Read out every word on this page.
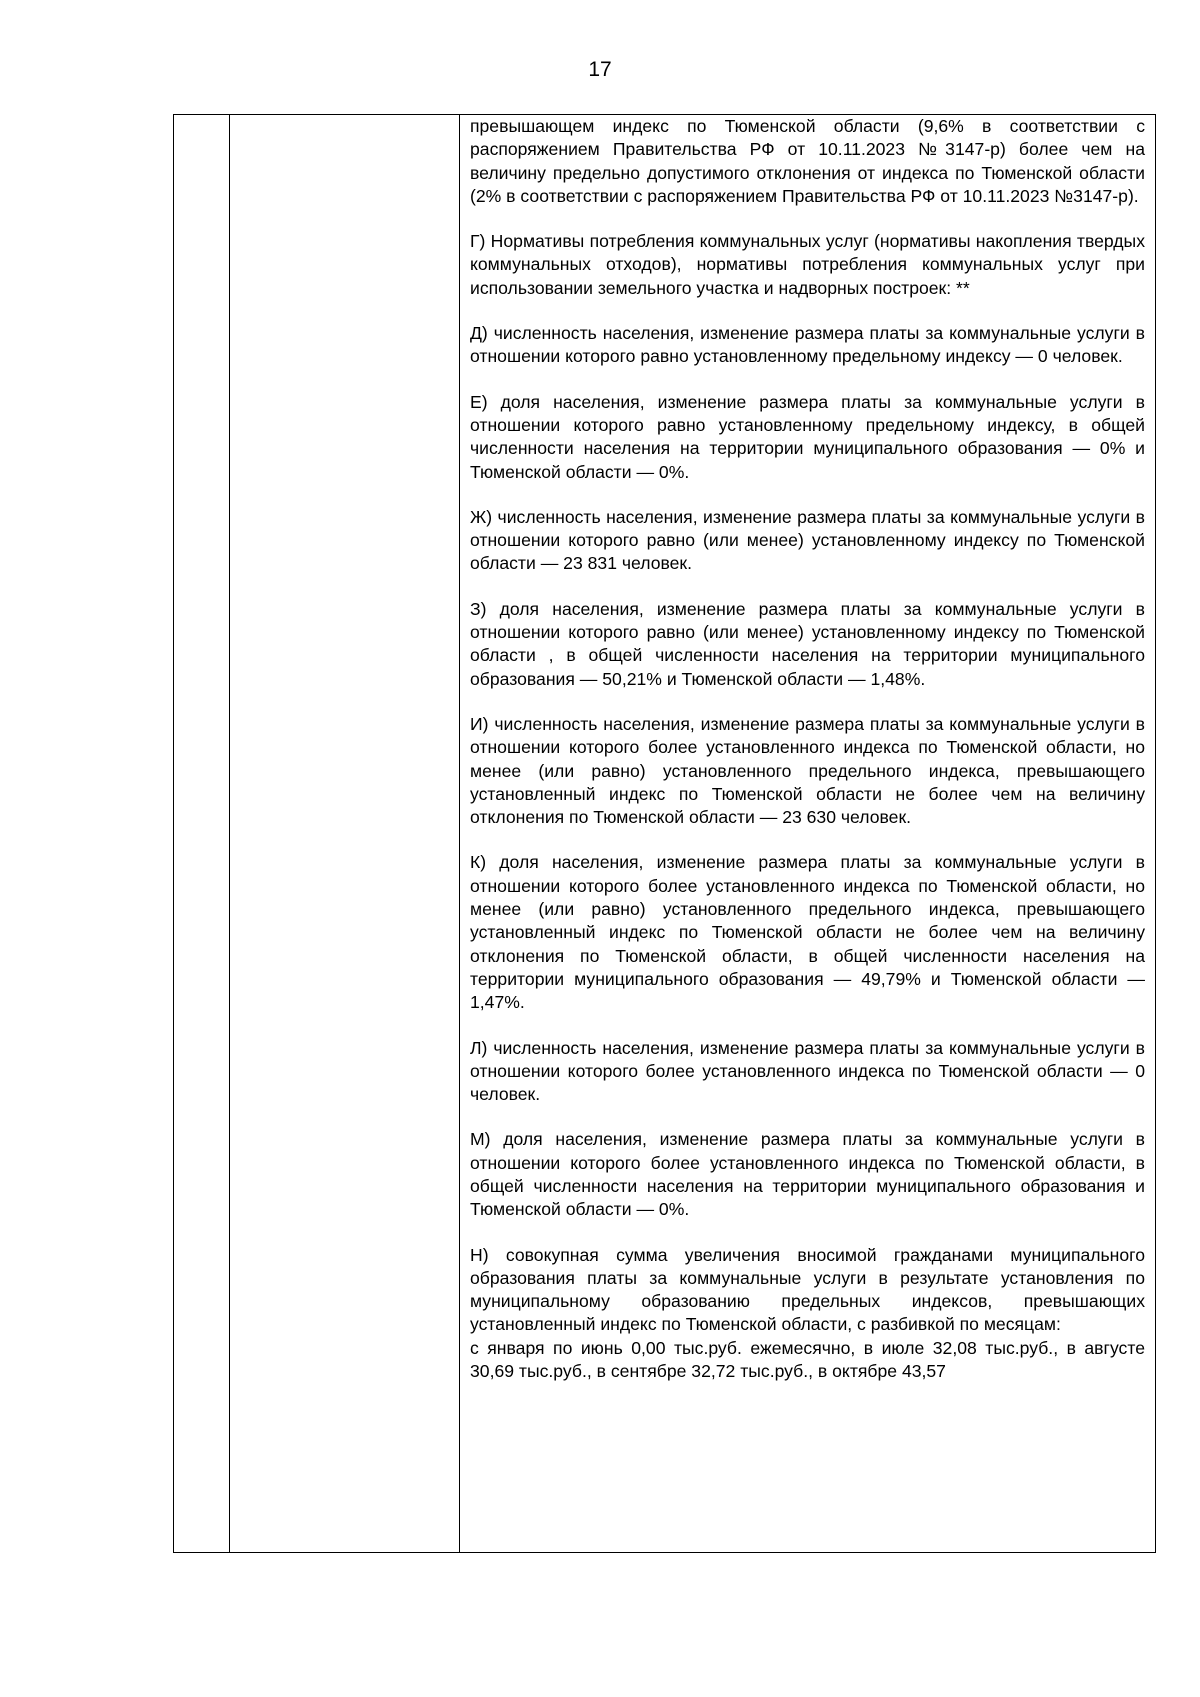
17

превышающем индекс по Тюменской области (9,6% в соответствии с распоряжением Правительства РФ от 10.11.2023 №3147-р) более чем на величину предельно допустимого отклонения от индекса по Тюменской области (2% в соответствии с распоряжением Правительства РФ от 10.11.2023 №3147-р).

Г) Нормативы потребления коммунальных услуг (нормативы накопления твердых коммунальных отходов), нормативы потребления коммунальных услуг при использовании земельного участка и надворных построек: **

Д) численность населения, изменение размера платы за коммунальные услуги в отношении которого равно установленному предельному индексу — 0 человек.

Е) доля населения, изменение размера платы за коммунальные услуги в отношении которого равно установленному предельному индексу, в общей численности населения на территории муниципального образования — 0% и Тюменской области — 0%.

Ж) численность населения, изменение размера платы за коммунальные услуги в отношении которого равно (или менее) установленному индексу по Тюменской области — 23 831 человек.

З) доля населения, изменение размера платы за коммунальные услуги в отношении которого равно (или менее) установленному индексу по Тюменской области , в общей численности населения на территории муниципального образования — 50,21% и Тюменской области — 1,48%.

И) численность населения, изменение размера платы за коммунальные услуги в отношении которого более установленного индекса по Тюменской области, но менее (или равно) установленного предельного индекса, превышающего установленный индекс по Тюменской области не более чем на величину отклонения по Тюменской области — 23 630 человек.

К) доля населения, изменение размера платы за коммунальные услуги в отношении которого более установленного индекса по Тюменской области, но менее (или равно) установленного предельного индекса, превышающего установленный индекс по Тюменской области не более чем на величину отклонения по Тюменской области, в общей численности населения на территории муниципального образования — 49,79% и Тюменской области — 1,47%.

Л) численность населения, изменение размера платы за коммунальные услуги в отношении которого более установленного индекса по Тюменской области — 0 человек.

М) доля населения, изменение размера платы за коммунальные услуги в отношении которого более установленного индекса по Тюменской области, в общей численности населения на территории муниципального образования и Тюменской области — 0%.

Н) совокупная сумма увеличения вносимой гражданами муниципального образования платы за коммунальные услуги в результате установления по муниципальному образованию предельных индексов, превышающих установленный индекс по Тюменской области, с разбивкой по месяцам:
с января по июнь 0,00 тыс.руб. ежемесячно, в июле 32,08 тыс.руб., в августе 30,69 тыс.руб., в сентябре 32,72 тыс.руб., в октябре 43,57
